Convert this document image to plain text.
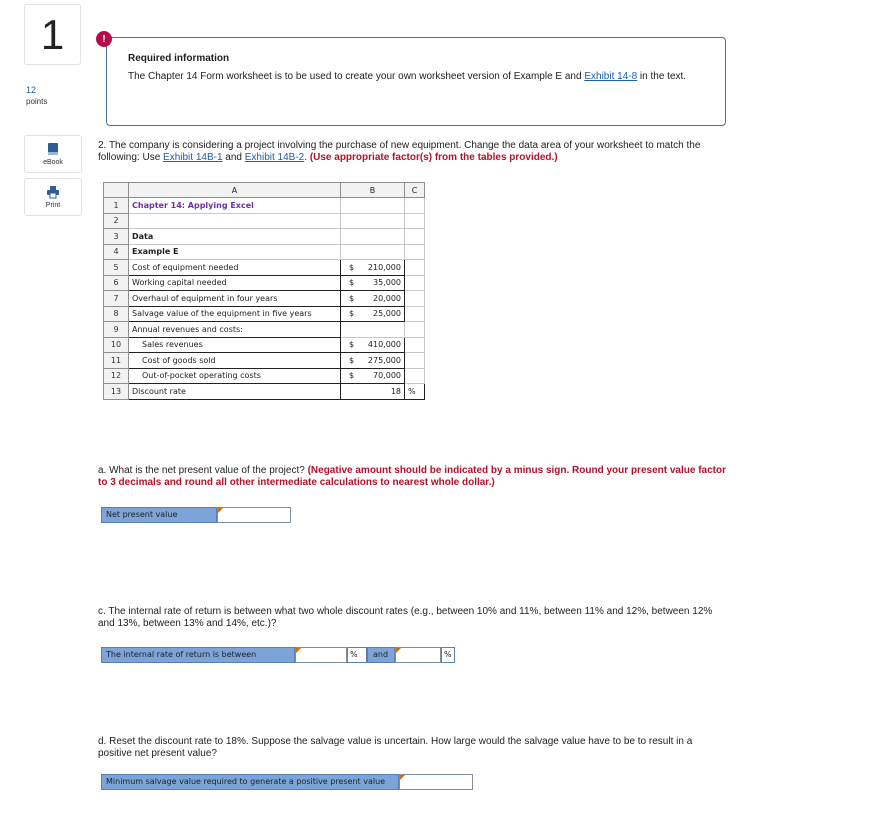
1
12
points
eBook
Print
!
Required information
The Chapter 14 Form worksheet is to be used to create your own worksheet version of Example E and Exhibit 14-8 in the text.
2. The company is considering a project involving the purchase of new equipment. Change the data area of your worksheet to match the following: Use Exhibit 14B-1 and Exhibit 14B-2. (Use appropriate factor(s) from the tables provided.)
	A	B	C
1	Chapter 14: Applying Excel		
2			
3	Data		
4	Example E		
5	Cost of equipment needed	$ 210,000	

6	Working capital needed	$ 35,000	

7	Overhaul of equipment in four years	$ 20,000	

8	Salvage value of the equipment in five years	$ 25,000	

9	Annual revenues and costs:		
10	Sales revenues	$ 410,000	

11	Cost of goods sold	$ 275,000	

12	Out-of-pocket operating costs	$ 70,000	

13	Discount rate	18	%
a. What is the net present value of the project? (Negative amount should be indicated by a minus sign. Round your present value factor to 3 decimals and round all other intermediate calculations to nearest whole dollar.)
Net present value
c. The internal rate of return is between what two whole discount rates (e.g., between 10% and 11%, between 11% and 12%, between 12% and 13%, between 13% and 14%, etc.)?
The internal rate of return is between	%	and	%
d. Reset the discount rate to 18%. Suppose the salvage value is uncertain. How large would the salvage value have to be to result in a positive net present value?
Minimum salvage value required to generate a positive present value
